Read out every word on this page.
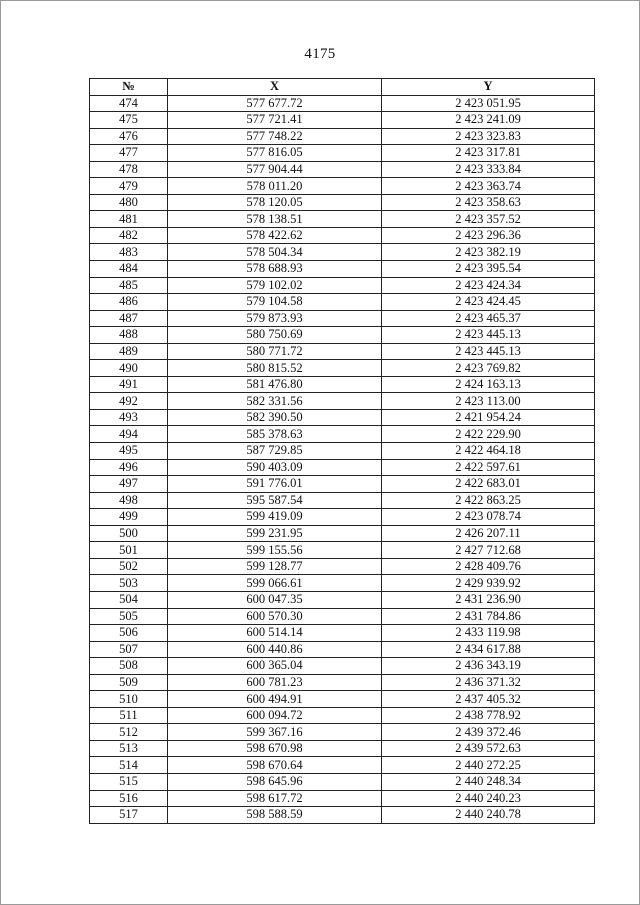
4175
№	X	Y
474	577 677.72	2 423 051.95
475	577 721.41	2 423 241.09
476	577 748.22	2 423 323.83
477	577 816.05	2 423 317.81
478	577 904.44	2 423 333.84
479	578 011.20	2 423 363.74
480	578 120.05	2 423 358.63
481	578 138.51	2 423 357.52
482	578 422.62	2 423 296.36
483	578 504.34	2 423 382.19
484	578 688.93	2 423 395.54
485	579 102.02	2 423 424.34
486	579 104.58	2 423 424.45
487	579 873.93	2 423 465.37
488	580 750.69	2 423 445.13
489	580 771.72	2 423 445.13
490	580 815.52	2 423 769.82
491	581 476.80	2 424 163.13
492	582 331.56	2 423 113.00
493	582 390.50	2 421 954.24
494	585 378.63	2 422 229.90
495	587 729.85	2 422 464.18
496	590 403.09	2 422 597.61
497	591 776.01	2 422 683.01
498	595 587.54	2 422 863.25
499	599 419.09	2 423 078.74
500	599 231.95	2 426 207.11
501	599 155.56	2 427 712.68
502	599 128.77	2 428 409.76
503	599 066.61	2 429 939.92
504	600 047.35	2 431 236.90
505	600 570.30	2 431 784.86
506	600 514.14	2 433 119.98
507	600 440.86	2 434 617.88
508	600 365.04	2 436 343.19
509	600 781.23	2 436 371.32
510	600 494.91	2 437 405.32
511	600 094.72	2 438 778.92
512	599 367.16	2 439 372.46
513	598 670.98	2 439 572.63
514	598 670.64	2 440 272.25
515	598 645.96	2 440 248.34
516	598 617.72	2 440 240.23
517	598 588.59	2 440 240.78
